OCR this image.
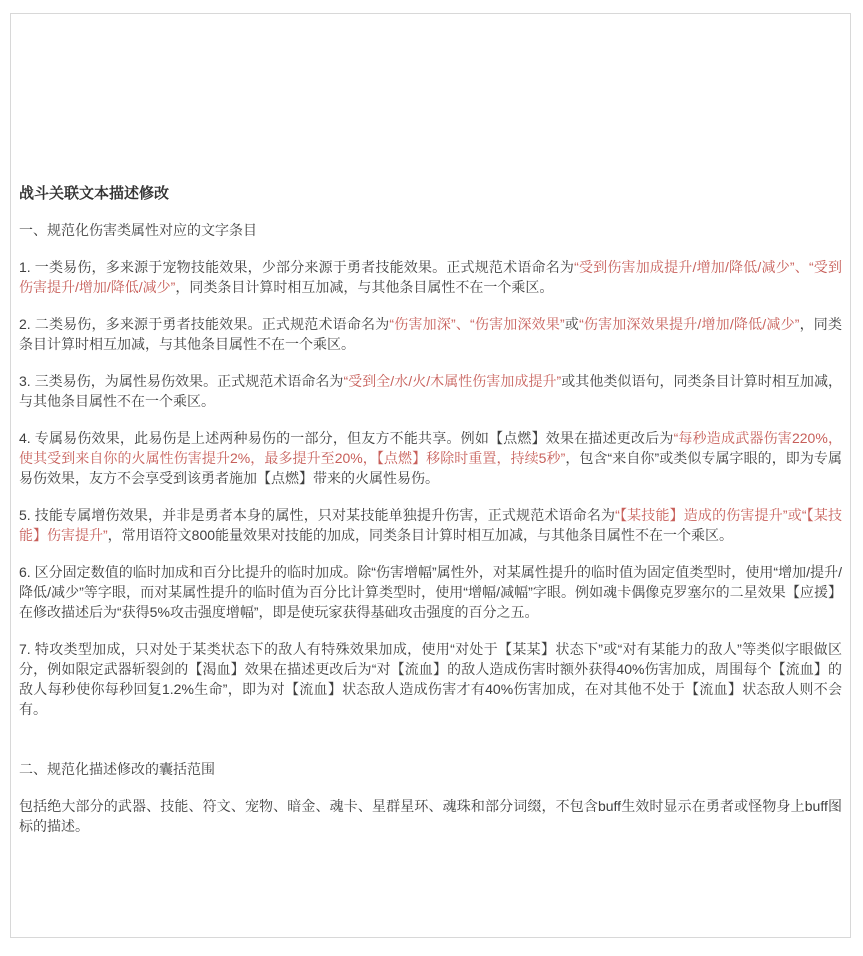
战斗关联文本描述修改
一、规范化伤害类属性对应的文字条目

1. 一类易伤，多来源于宠物技能效果，少部分来源于勇者技能效果。正式规范术语命名为“受到伤害加成提升/增加/降低/减少”、“受到伤害提升/增加/降低/减少”，同类条目计算时相互加减，与其他条目属性不在一个乘区。

2. 二类易伤，多来源于勇者技能效果。正式规范术语命名为“伤害加深”、“伤害加深效果”或“伤害加深效果提升/增加/降低/减少”，同类条目计算时相互加减，与其他条目属性不在一个乘区。

3. 三类易伤，为属性易伤效果。正式规范术语命名为“受到全/水/火/木属性伤害加成提升”或其他类似语句，同类条目计算时相互加减，与其他条目属性不在一个乘区。

4. 专属易伤效果，此易伤是上述两种易伤的一部分，但友方不能共享。例如【点燃】效果在描述更改后为“每秒造成武器伤害220%，使其受到来自你的火属性伤害提升2%，最多提升至20%，【点燃】移除时重置，持续5秒”，包含“来自你”或类似专属字眼的，即为专属易伤效果，友方不会享受到该勇者施加【点燃】带来的火属性易伤。

5. 技能专属增伤效果，并非是勇者本身的属性，只对某技能单独提升伤害，正式规范术语命名为“【某技能】造成的伤害提升”或“【某技能】伤害提升”，常用语符文800能量效果对技能的加成，同类条目计算时相互加减，与其他条目属性不在一个乘区。

6. 区分固定数值的临时加成和百分比提升的临时加成。除“伤害增幅”属性外，对某属性提升的临时值为固定值类型时，使用“增加/提升/降低/减少”等字眼，而对某属性提升的临时值为百分比计算类型时，使用“增幅/减幅”字眼。例如魂卡偶像克罗塞尔的二星效果【应援】在修改描述后为“获得5%攻击强度增幅”，即是使玩家获得基础攻击强度的百分之五。

7. 特攻类型加成，只对处于某类状态下的敌人有特殊效果加成，使用“对处于【某某】状态下”或“对有某能力的敌人”等类似字眼做区分，例如限定武器斩裂剑的【渴血】效果在描述更改后为“对【流血】的敌人造成伤害时额外获得40%伤害加成，周围每个【流血】的敌人每秒使你每秒回复1.2%生命”，即为对【流血】状态敌人造成伤害才有40%伤害加成，在对其他不处于【流血】状态敌人则不会有。

二、规范化描述修改的囊括范围

包括绝大部分的武器、技能、符文、宠物、暗金、魂卡、星群星环、魂珠和部分词缀，不包含buff生效时显示在勇者或怪物身上buff图标的描述。
